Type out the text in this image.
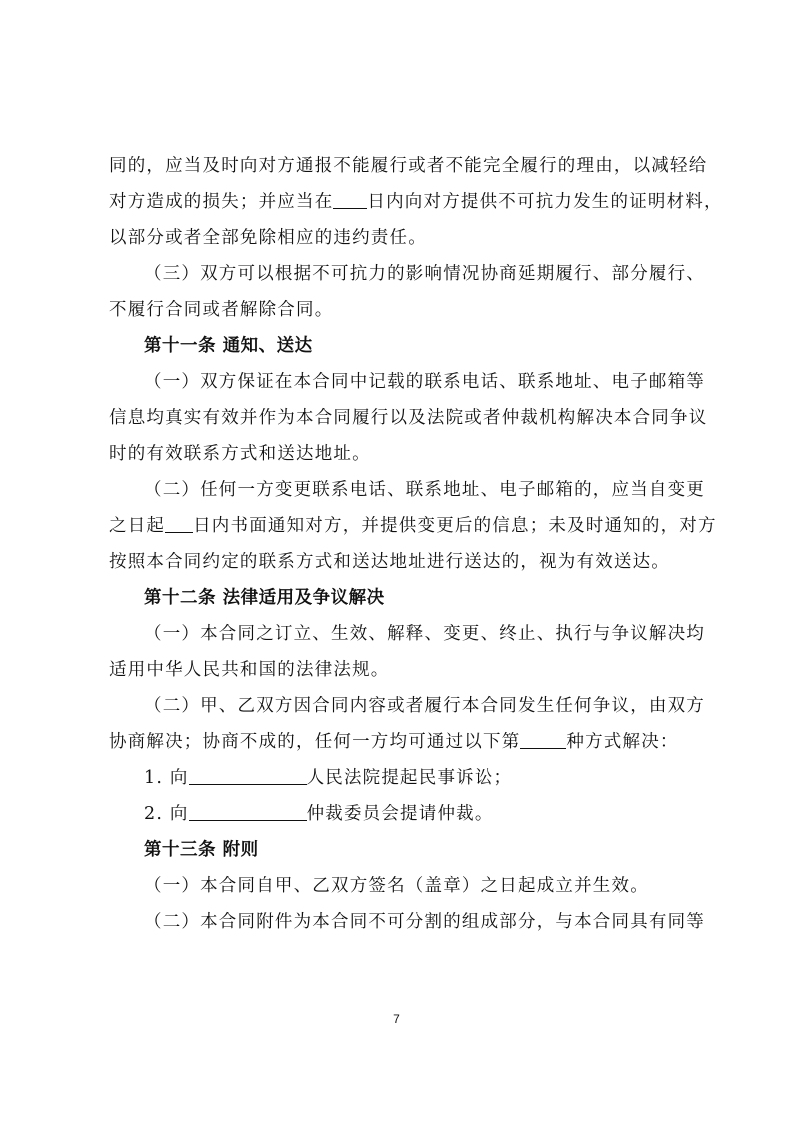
同的，应当及时向对方通报不能履行或者不能完全履行的理由，以减轻给
对方造成的损失；并应当在 日内向对方提供不可抗力发生的证明材料，
以部分或者全部免除相应的违约责任。
（三）双方可以根据不可抗力的影响情况协商延期履行、部分履行、
不履行合同或者解除合同。
第十一条 通知、送达
（一）双方保证在本合同中记载的联系电话、联系地址、电子邮箱等
信息均真实有效并作为本合同履行以及法院或者仲裁机构解决本合同争议
时的有效联系方式和送达地址。
（二）任何一方变更联系电话、联系地址、电子邮箱的，应当自变更
之日起 日内书面通知对方，并提供变更后的信息；未及时通知的，对方
按照本合同约定的联系方式和送达地址进行送达的，视为有效送达。
第十二条 法律适用及争议解决
（一）本合同之订立、生效、解释、变更、终止、执行与争议解决均
适用中华人民共和国的法律法规。
（二）甲、乙双方因合同内容或者履行本合同发生任何争议，由双方
协商解决；协商不成的，任何一方均可通过以下第	种方式解决：
1. 向	人民法院提起民事诉讼；
2. 向	仲裁委员会提请仲裁。
第十三条 附则
（一）本合同自甲、乙双方签名（盖章）之日起成立并生效。
（二）本合同附件为本合同不可分割的组成部分，与本合同具有同等
7
